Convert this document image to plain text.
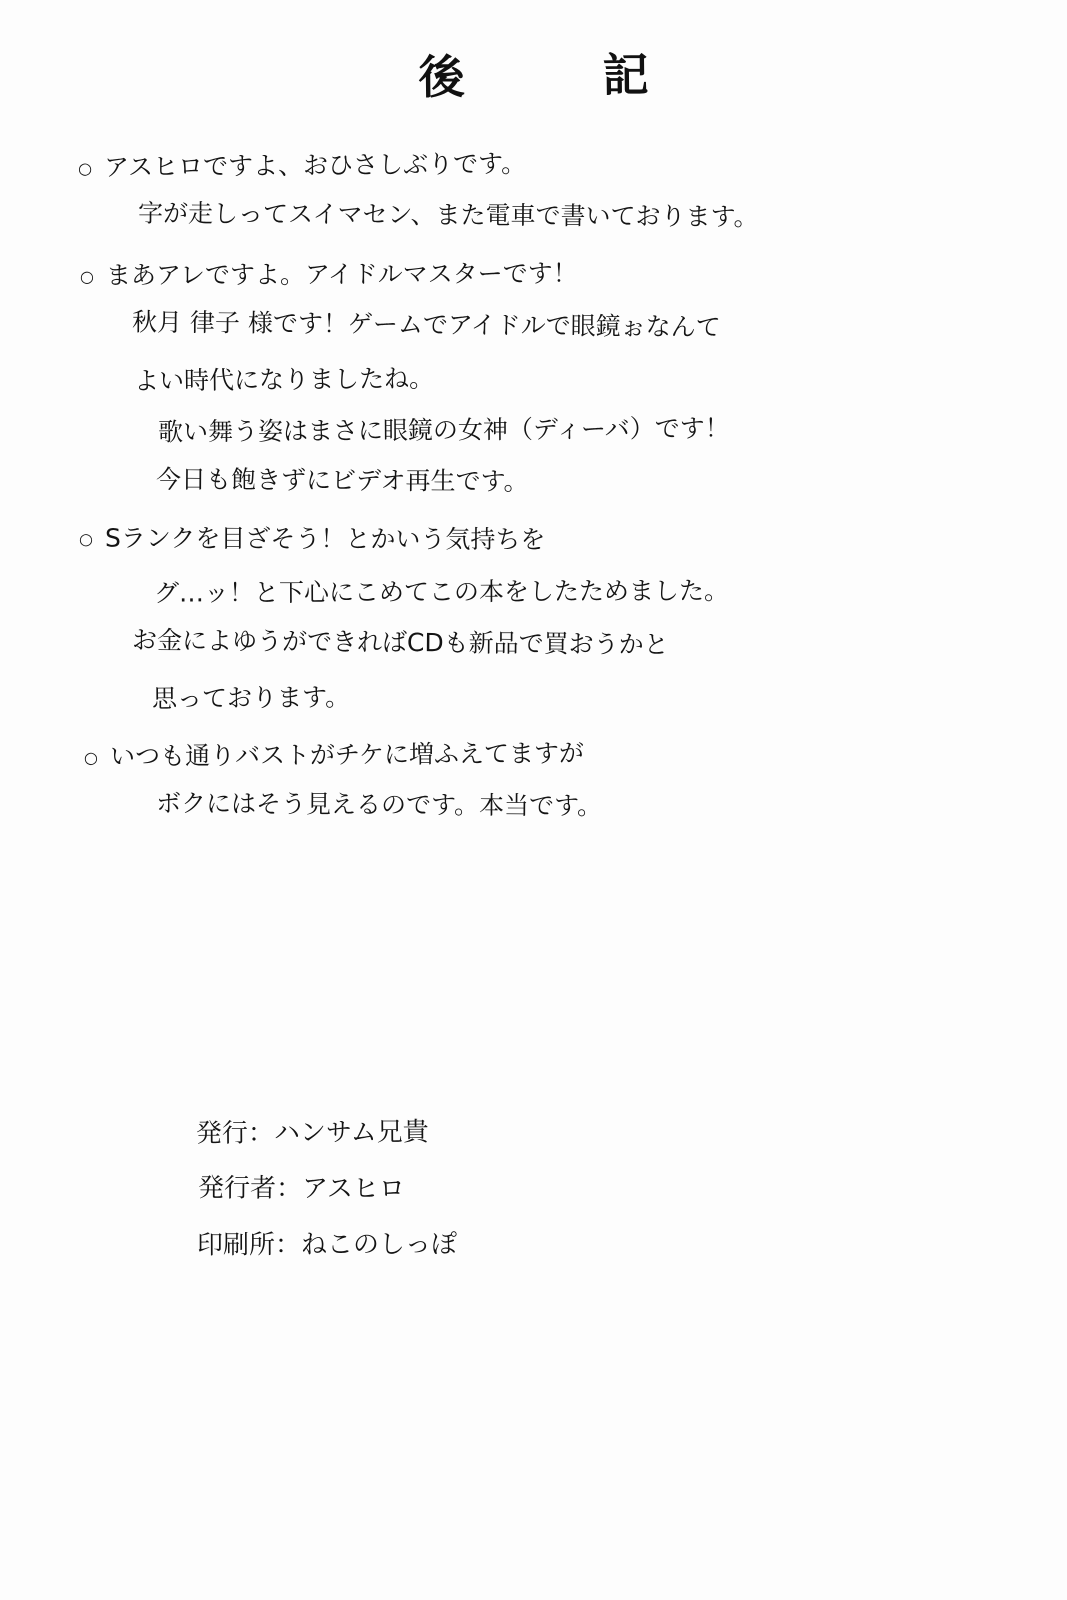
後　記
○ アスヒロですよ、おひさしぶりです。
字が走しってスイマセン、また電車で書いております。
○ まあアレですよ。アイドルマスターです！
秋月 律子 様です！ゲームでアイドルで眼鏡ぉなんて
よい時代になりましたね。
歌い舞う姿はまさに眼鏡の女神（ディーバ）です！
今日も飽きずにビデオ再生です。
○ Sランクを目ざそう！とかいう気持ちを
グ…ッ！と下心にこめてこの本をしたためました。
お金によゆうができればCDも新品で買おうかと
思っております。
○ いつも通りバストがチケに増ふえてますが
ボクにはそう見えるのです。本当です。
発行：ハンサム兄貴
発行者：アスヒロ
印刷所：ねこのしっぽ
